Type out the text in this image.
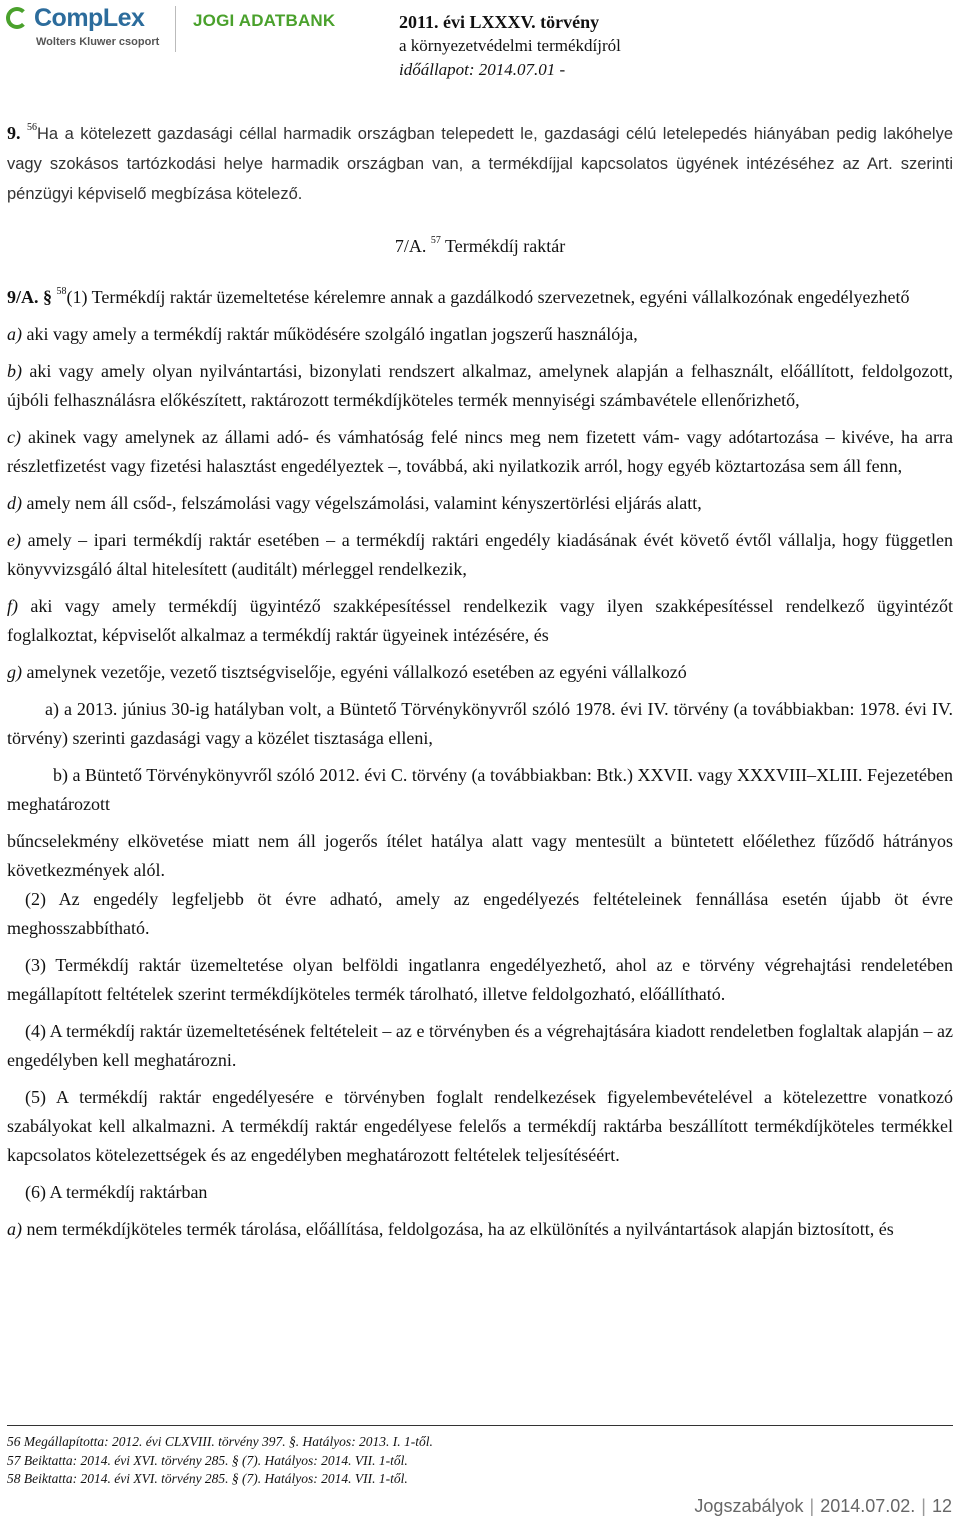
CompLex
Wolters Kluwer csoport
JOGI ADATBANK	2011. évi LXXXV. törvény
a környezetvédelmi termékdíjról
időállapot: 2014.07.01 -

9. $^{56}$Ha a kötelezett gazdasági céllal harmadik országban telepedett le, gazdasági célú letelepedés hiányában pedig lakóhelye vagy szokásos tartózkodási helye harmadik országban van, a termékdíjjal kapcsolatos ügyének intézéséhez az Art. szerinti pénzügyi képviselő megbízása kötelező.

7/A. $^{57}$ Termékdíj raktár

9/A. § $^{58}$(1) Termékdíj raktár üzemeltetése kérelemre annak a gazdálkodó szervezetnek, egyéni vállalkozónak engedélyezhető

a) aki vagy amely a termékdíj raktár működésére szolgáló ingatlan jogszerű használója,

b) aki vagy amely olyan nyilvántartási, bizonylati rendszert alkalmaz, amelynek alapján a felhasznált, előállított, feldolgozott, újbóli felhasználásra előkészített, raktározott termékdíjköteles termék mennyiségi számbavétele ellenőrizhető,

c) akinek vagy amelynek az állami adó- és vámhatóság felé nincs meg nem fizetett vám- vagy adótartozása – kivéve, ha arra részletfizetést vagy fizetési halasztást engedélyeztek –, továbbá, aki nyilatkozik arról, hogy egyéb köztartozása sem áll fenn,

d) amely nem áll csőd-, felszámolási vagy végelszámolási, valamint kényszertörlési eljárás alatt,

e) amely – ipari termékdíj raktár esetében – a termékdíj raktári engedély kiadásának évét követő évtől vállalja, hogy független könyvvizsgáló által hitelesített (auditált) mérleggel rendelkezik,

f) aki vagy amely termékdíj ügyintéző szakképesítéssel rendelkezik vagy ilyen szakképesítéssel rendelkező ügyintézőt foglalkoztat, képviselőt alkalmaz a termékdíj raktár ügyeinek intézésére, és

g) amelynek vezetője, vezető tisztségviselője, egyéni vállalkozó esetében az egyéni vállalkozó

a) a 2013. június 30-ig hatályban volt, a Büntető Törvénykönyvről szóló 1978. évi IV. törvény (a továbbiakban: 1978. évi IV. törvény) szerinti gazdasági vagy a közélet tisztasága elleni,

b) a Büntető Törvénykönyvről szóló 2012. évi C. törvény (a továbbiakban: Btk.) XXVII. vagy XXXVIII–XLIII. Fejezetében meghatározott

bűncselekmény elkövetése miatt nem áll jogerős ítélet hatálya alatt vagy mentesült a büntetett előélethez fűződő hátrányos következmények alól.

(2) Az engedély legfeljebb öt évre adható, amely az engedélyezés feltételeinek fennállása esetén újabb öt évre meghosszabbítható.

(3) Termékdíj raktár üzemeltetése olyan belföldi ingatlanra engedélyezhető, ahol az e törvény végrehajtási rendeletében megállapított feltételek szerint termékdíjköteles termék tárolható, illetve feldolgozható, előállítható.

(4) A termékdíj raktár üzemeltetésének feltételeit – az e törvényben és a végrehajtására kiadott rendeletben foglaltak alapján – az engedélyben kell meghatározni.

(5) A termékdíj raktár engedélyesére e törvényben foglalt rendelkezések figyelembevételével a kötelezettre vonatkozó szabályokat kell alkalmazni. A termékdíj raktár engedélyese felelős a termékdíj raktárba beszállított termékdíjköteles termékkel kapcsolatos kötelezettségek és az engedélyben meghatározott feltételek teljesítéséért.

(6) A termékdíj raktárban

a) nem termékdíjköteles termék tárolása, előállítása, feldolgozása, ha az elkülönítés a nyilvántartások alapján biztosított, és

56 Megállapította: 2012. évi CLXVIII. törvény 397. §. Hatályos: 2013. I. 1-től.
57 Beiktatta: 2014. évi XVI. törvény 285. § (7). Hatályos: 2014. VII. 1-től.
58 Beiktatta: 2014. évi XVI. törvény 285. § (7). Hatályos: 2014. VII. 1-től.
Jogszabályok | 2014.07.02. | 12
